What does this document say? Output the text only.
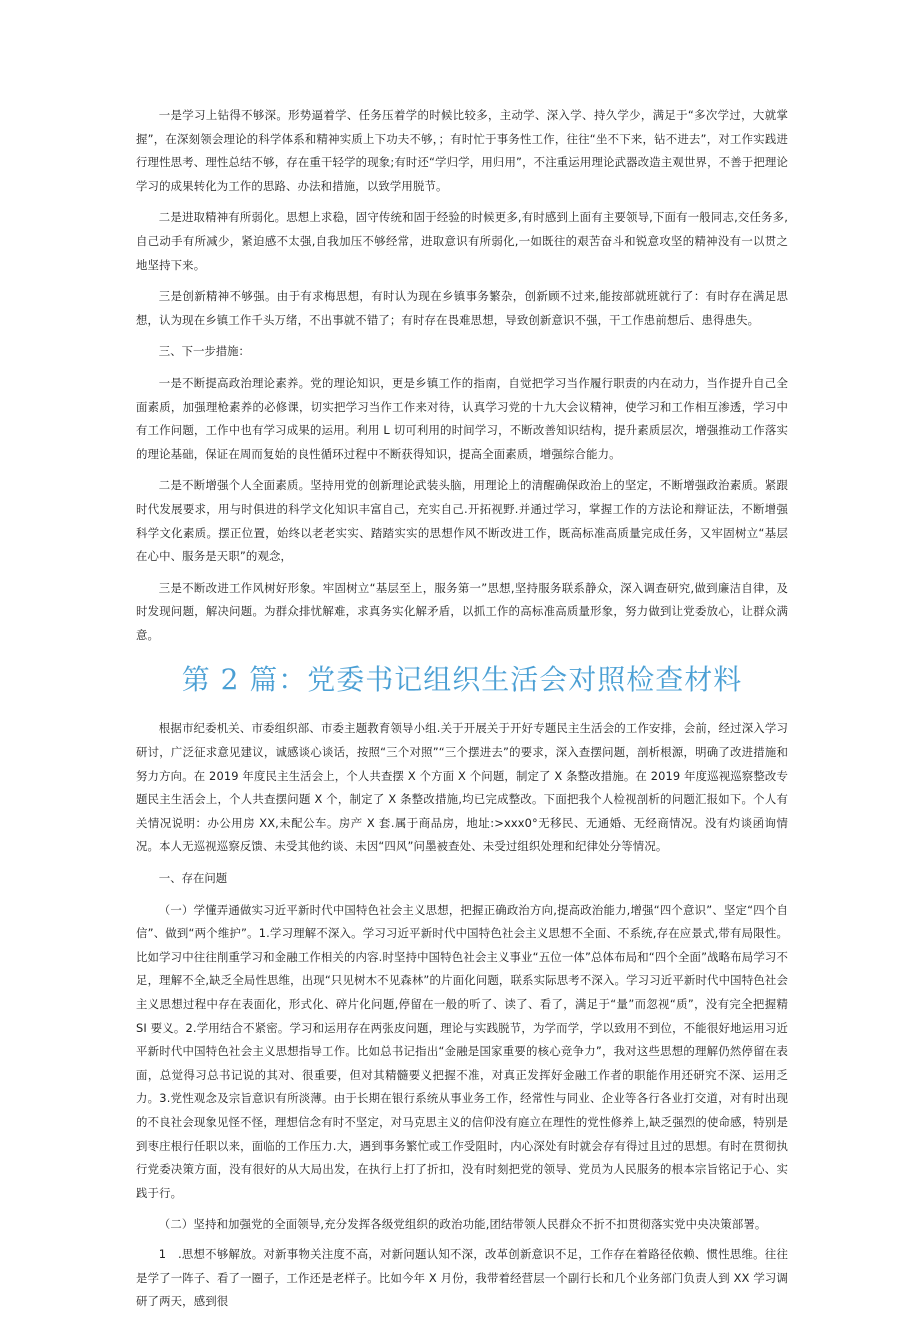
一是学习上钻得不够深。形势逼着学、任务压着学的时候比较多，主动学、深入学、持久学少，满足于“多次学过，大就掌握”，在深刻领会理论的科学体系和精神实质上下功夫不够，；有时忙于事务性工作，往往“坐不下来，钻不进去”，对工作实践进行理性思考、理性总结不够，存在重干轻学的现象;有时还“学归学，用归用”，不注重运用理论武器改造主观世界，不善于把理论学习的成果转化为工作的思路、办法和措施，以致学用脱节。

二是进取精神有所弱化。思想上求稳，固守传统和固于经验的时候更多,有时感到上面有主要领导,下面有一般同志,交任务多,自己动手有所减少，紧迫感不太强,自我加压不够经常，进取意识有所弱化,一如既往的艰苦奋斗和锐意攻坚的精神没有一以贯之地坚持下来。

三是创新精神不够强。由于有求梅思想，有时认为现在乡镇事务繁杂，创新顾不过来,能按部就班就行了：有时存在满足思想，认为现在乡镇工作千头万绪，不出事就不错了；有时存在畏难思想，导致创新意识不强，干工作患前想后、患得患失。

三、下一步措施：

一是不断提高政治理论素养。党的理论知识，更是乡镇工作的指南，自觉把学习当作履行职责的内在动力，当作提升自己全面素质，加强理枪素养的必修课，切实把学习当作工作来对待，认真学习党的十九大会议精神，使学习和工作相互渗透，学习中有工作问题，工作中也有学习成果的运用。利用 L 切可利用的时间学习，不断改善知识结构，提升素质层次，增强推动工作落实的理论基础，保证在周而复始的良性循环过程中不断获得知识，提高全面素质，增强综合能力。

二是不断增强个人全面素质。坚持用党的创新理论武装头脑，用理论上的清醒确保政治上的坚定，不断增强政治素质。紧跟时代发展要求，用与时俱进的科学文化知识丰富自己，充实自己.开拓视野.并通过学习，掌握工作的方法论和辩证法，不断增强科学文化素质。摆正位置，始终以老老实实、踏踏实实的思想作风不断改进工作，既高标准高质量完成任务，又牢固树立“基层在心中、服务是天职”的观念，

三是不断改进工作风树好形象。牢固树立“基层至上，服务第一”思想,坚持服务联系静众，深入调查研究,做到廉洁自律，及时发现问题，解决问题。为群众排忧解难，求真务实化解矛盾，以抓工作的高标准高质量形象，努力做到让党委放心，让群众满意。

第 2 篇：党委书记组织生活会对照检查材料

根据市纪委机关、市委组织部、市委主题教育领导小组.关于开展关于开好专题民主生活会的工作安排，会前，经过深入学习研讨，广泛征求意见建议，诚感谈心谈话，按照“三个对照”“三个摆进去”的要求，深入查摆问题，剖析根源，明确了改进措施和努力方向。在 2019 年度民主生活会上，个人共查摆 X 个方面 X 个问题，制定了 X 条整改措施。在 2019 年度巡视巡察整改专题民主生活会上，个人共查摆问题 X 个，制定了 X 条整改措施,均已完成整改。下面把我个人检视剖析的问题汇报如下。个人有关情况说明：办公用房 XX,未配公车。房产 X 套.属于商品房，地址:>xxx0°无移民、无通婚、无经商情况。没有灼谈函询情况。本人无巡视巡察反馈、未受其他约谈、未因“四风”问墨被查处、未受过组织处理和纪律处分等情况。

一、存在问题

（一）学懂弄通做实习近平新时代中国特色社会主义思想，把握正确政治方向,提高政治能力,增强“四个意识”、坚定“四个自信”、做到“两个维护”。1.学习理解不深入。学习习近平新时代中国特色社会主义思想不全面、不系统,存在应景式,带有局限性。比如学习中往往削重学习和金融工作相关的内容.时坚持中国特色社会主义事业“五位一体”总体布局和“四个全面”战略布局学习不足，理解不全,缺乏全局性思维，出现“只见树木不见森林”的片面化问题，联系实际思考不深入。学习习近平新时代中国特色社会主义思想过程中存在表面化，形式化、碎片化问题,停留在一般的听了、读了、看了，满足于“量”而忽视“质”，没有完全把握精 SI 要义。2.学用结合不紧密。学习和运用存在两张皮问题，理论与实践脱节，为学而学，学以致用不到位，不能很好地运用习近平新时代中国特色社会主义思想指导工作。比如总书记指出“金融是国家重要的核心竞争力”，我对这些思想的理解仍然停留在表面，总觉得习总书记说的其对、很重要，但对其精髓要义把握不准，对真正发挥好金融工作者的职能作用还研究不深、运用乏力。3.党性观念及宗旨意识有所淡薄。由于长期在银行系统从事业务工作，经常性与同业、企业等各行各业打交道，对有时出现的不良社会现象见怪不怪，理想信念有时不坚定，对马克思主义的信仰没有庭立在理性的党性修养上,缺乏强烈的使命感，特别是到枣庄根行任职以来，面临的工作压力.大，遇到事务繁忙或工作受阻时，内心深处有时就会存有得过且过的思想。有时在贯彻执行党委决策方面，没有很好的从大局出发，在执行上打了折扣，没有时刻把党的领导、党员为人民服务的根本宗旨铭记于心、实践于行。

（二）坚持和加强党的全面领导,充分发挥各级党组织的政治功能,团结带领人民群众不折不扣贯彻落实党中央决策部署。

1　.思想不够解放。对新事物关注度不高，对新问题认知不深，改革创新意识不足，工作存在着路径依赖、惯性思维。往往是学了一阵子、看了一圈子，工作还是老样子。比如今年 X 月份，我带着经营层一个副行长和几个业务部门负责人到 XX 学习调研了两天，感到很
